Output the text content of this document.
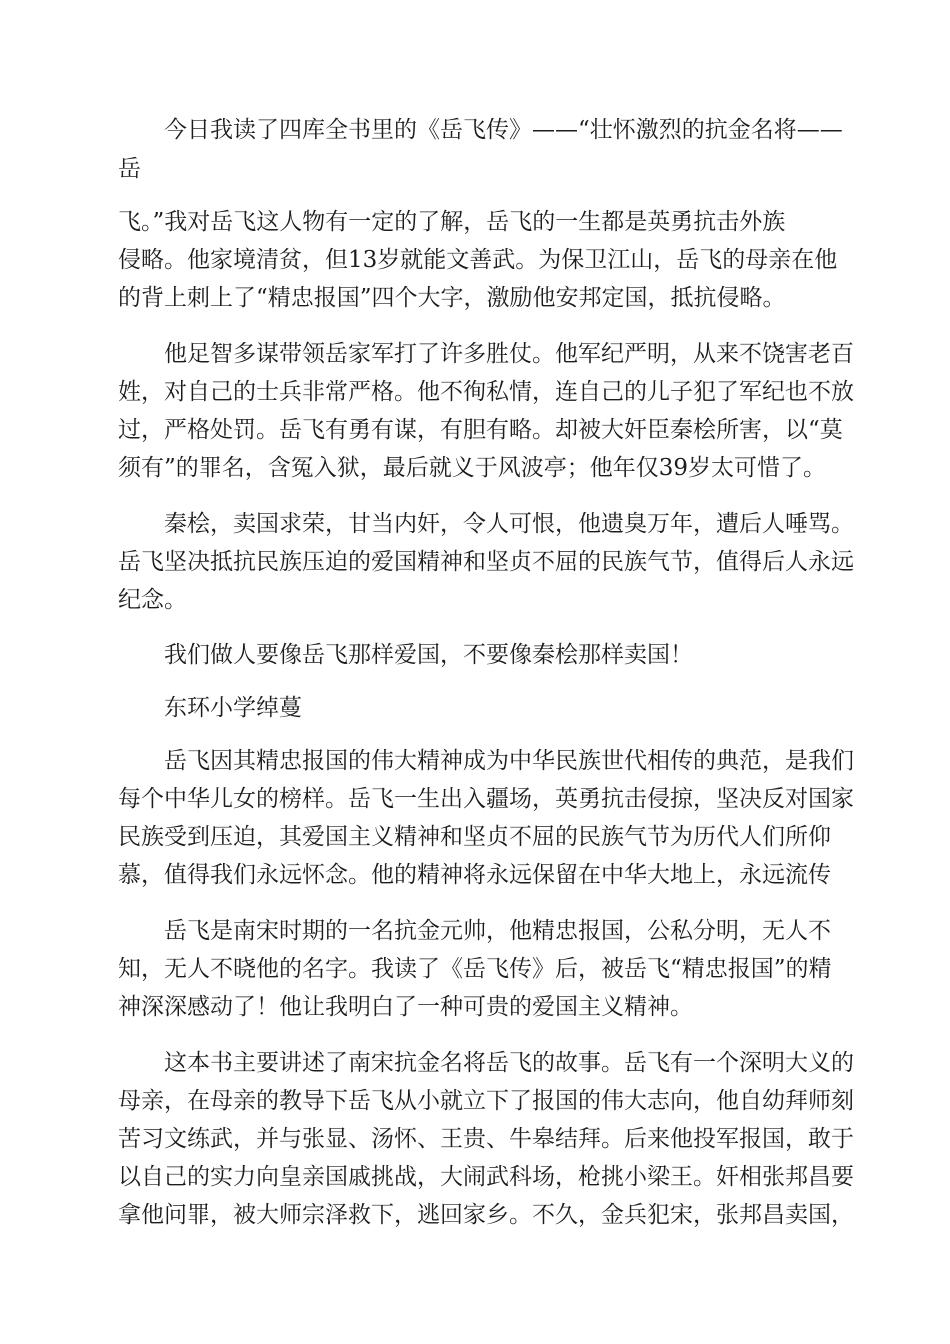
今日我读了四库全书里的《岳飞传》——“壮怀激烈的抗金名将——
岳
飞。”我对岳飞这人物有一定的了解，岳飞的一生都是英勇抗击外族
侵略。他家境清贫，但13岁就能文善武。为保卫江山，岳飞的母亲在他
的背上刺上了“精忠报国”四个大字，激励他安邦定国，抵抗侵略。
他足智多谋带领岳家军打了许多胜仗。他军纪严明，从来不饶害老百
姓，对自己的士兵非常严格。他不徇私情，连自己的儿子犯了军纪也不放
过，严格处罚。岳飞有勇有谋，有胆有略。却被大奸臣秦桧所害，以“莫
须有”的罪名，含冤入狱，最后就义于风波亭；他年仅39岁太可惜了。
秦桧，卖国求荣，甘当内奸，令人可恨，他遗臭万年，遭后人唾骂。
岳飞坚决抵抗民族压迫的爱国精神和坚贞不屈的民族气节，值得后人永远
纪念。
我们做人要像岳飞那样爱国，不要像秦桧那样卖国！
东环小学绰蔓
岳飞因其精忠报国的伟大精神成为中华民族世代相传的典范，是我们
每个中华儿女的榜样。岳飞一生出入疆场，英勇抗击侵掠，坚决反对国家
民族受到压迫，其爱国主义精神和坚贞不屈的民族气节为历代人们所仰
慕，值得我们永远怀念。他的精神将永远保留在中华大地上，永远流传
岳飞是南宋时期的一名抗金元帅，他精忠报国，公私分明，无人不
知，无人不晓他的名字。我读了《岳飞传》后，被岳飞“精忠报国”的精
神深深感动了！他让我明白了一种可贵的爱国主义精神。
这本书主要讲述了南宋抗金名将岳飞的故事。岳飞有一个深明大义的
母亲，在母亲的教导下岳飞从小就立下了报国的伟大志向，他自幼拜师刻
苦习文练武，并与张显、汤怀、王贵、牛皋结拜。后来他投军报国，敢于
以自己的实力向皇亲国戚挑战，大闹武科场，枪挑小梁王。奸相张邦昌要
拿他问罪，被大师宗泽救下，逃回家乡。不久，金兵犯宋，张邦昌卖国，
